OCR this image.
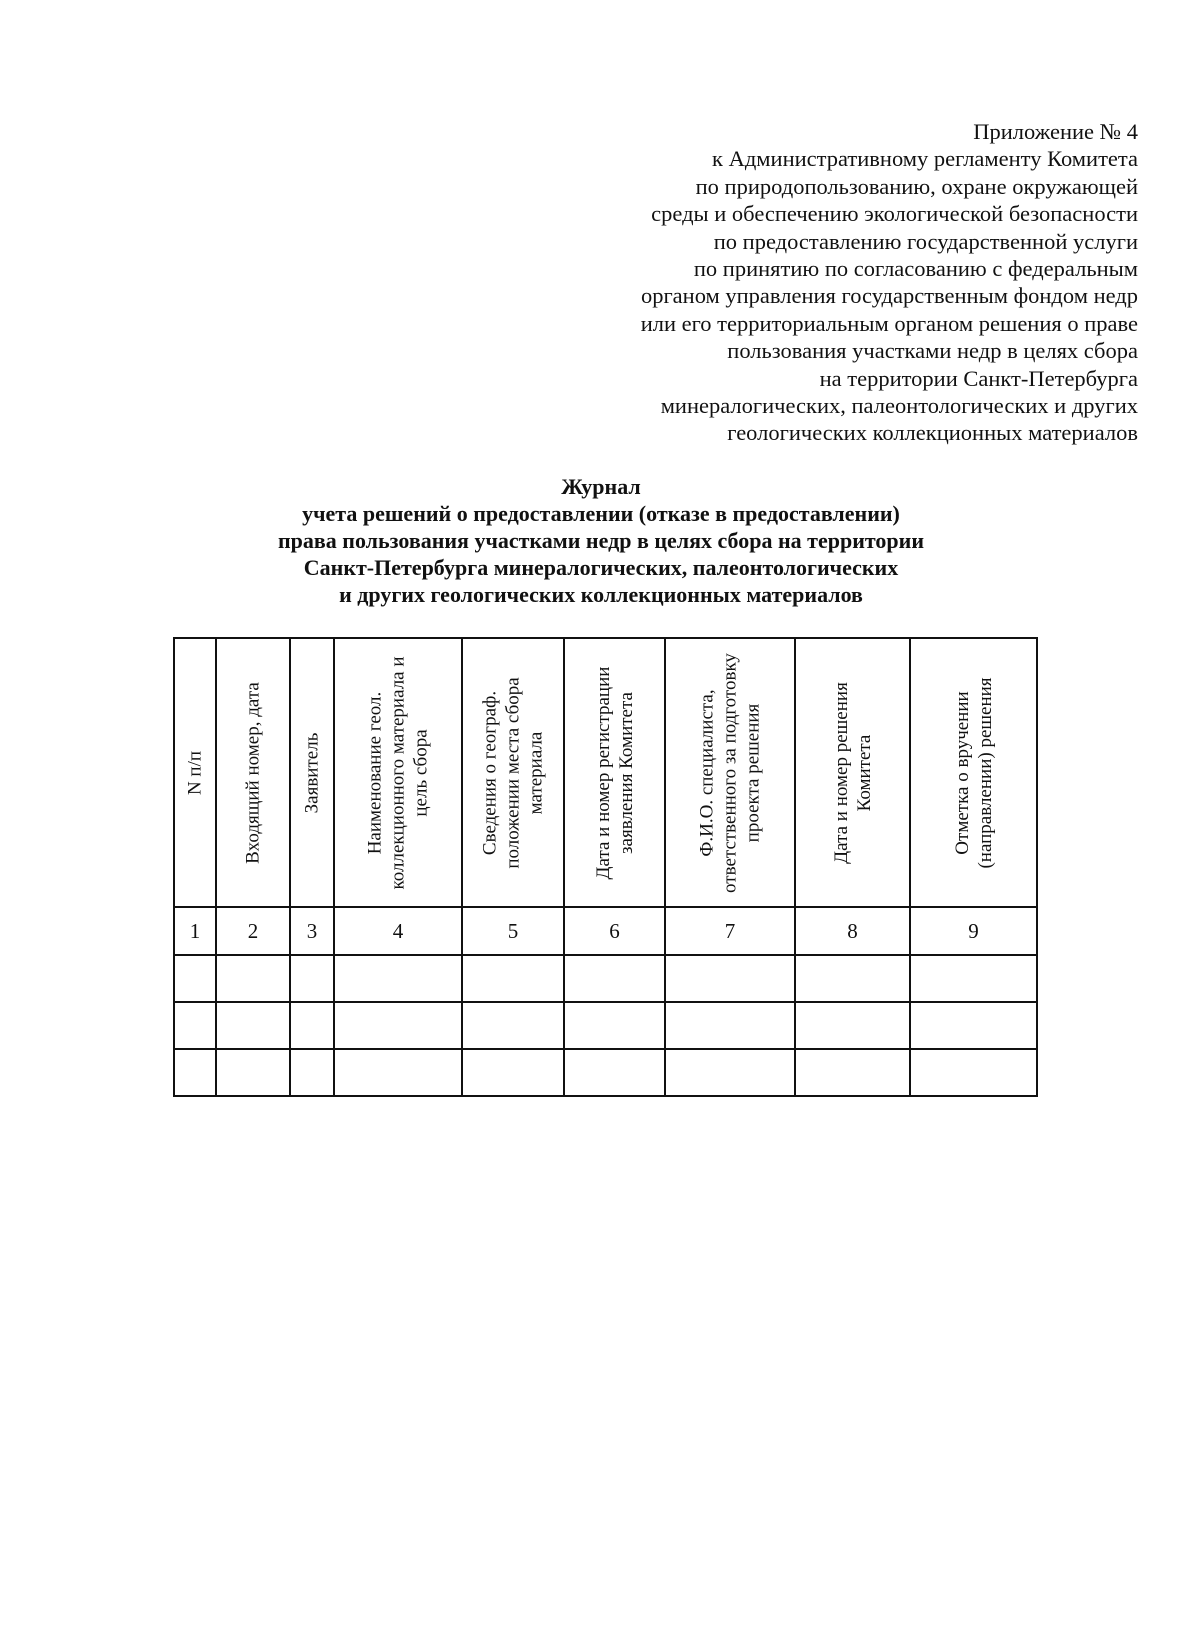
Приложение № 4
к Административному регламенту Комитета
по природопользованию, охране окружающей
среды и обеспечению экологической безопасности
по предоставлению государственной услуги
по принятию по согласованию с федеральным
органом управления государственным фондом недр
или его территориальным органом решения о праве
пользования участками недр в целях сбора
на территории Санкт-Петербурга
минералогических, палеонтологических и других
геологических коллекционных материалов
Журнал
учета решений о предоставлении (отказе в предоставлении)
права пользования участками недр в целях сбора на территории
Санкт-Петербурга минералогических, палеонтологических
и других геологических коллекционных материалов
N п/п	Входящий номер, дата	Заявитель	Наименование геол. коллекционного материала и цель сбора	Сведения о географ. положении места сбора материала	Дата и номер регистрации заявления Комитета	Ф.И.О. специалиста, ответственного за подготовку проекта решения	Дата и номер решения Комитета	Отметка о вручении (направлении) решения

1	2	3	4	5	6	7	8	9
